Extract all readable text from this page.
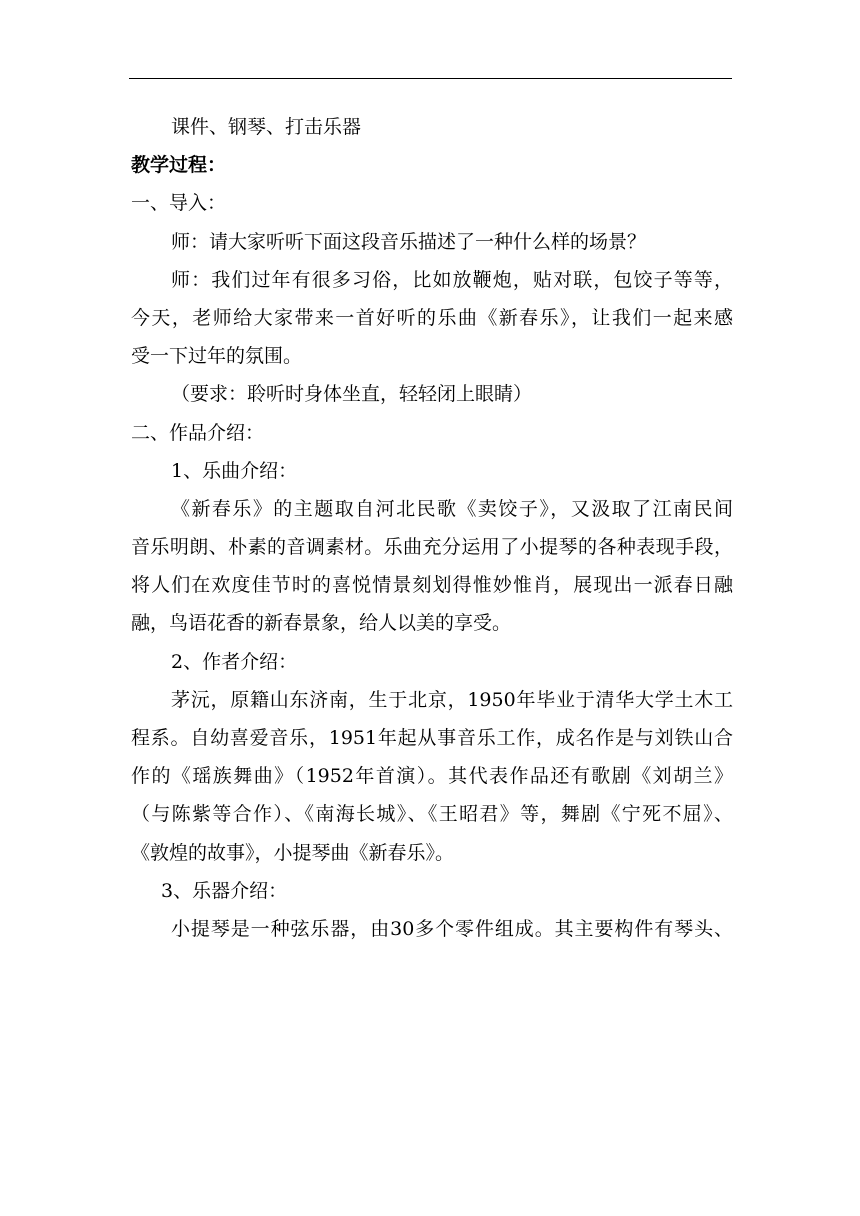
课件、钢琴、打击乐器
教学过程：
一、导入：
师：请大家听听下面这段音乐描述了一种什么样的场景？
师：我们过年有很多习俗，比如放鞭炮，贴对联，包饺子等等，
今天，老师给大家带来一首好听的乐曲《新春乐》，让我们一起来感
受一下过年的氛围。
（要求：聆听时身体坐直，轻轻闭上眼睛）
二、作品介绍：
1、乐曲介绍：
《新春乐》的主题取自河北民歌《卖饺子》，又汲取了江南民间
音乐明朗、朴素的音调素材。乐曲充分运用了小提琴的各种表现手段，
将人们在欢度佳节时的喜悦情景刻划得惟妙惟肖，展现出一派春日融
融，鸟语花香的新春景象，给人以美的享受。
2、作者介绍：
茅沅，原籍山东济南，生于北京，1950年毕业于清华大学土木工
程系。自幼喜爱音乐，1951年起从事音乐工作，成名作是与刘铁山合
作的《瑶族舞曲》（1952年首演）。其代表作品还有歌剧《刘胡兰》
（与陈紫等合作）、《南海长城》、《王昭君》等，舞剧《宁死不屈》、
《敦煌的故事》，小提琴曲《新春乐》。
3、乐器介绍：
小提琴是一种弦乐器，由30多个零件组成。其主要构件有琴头、
